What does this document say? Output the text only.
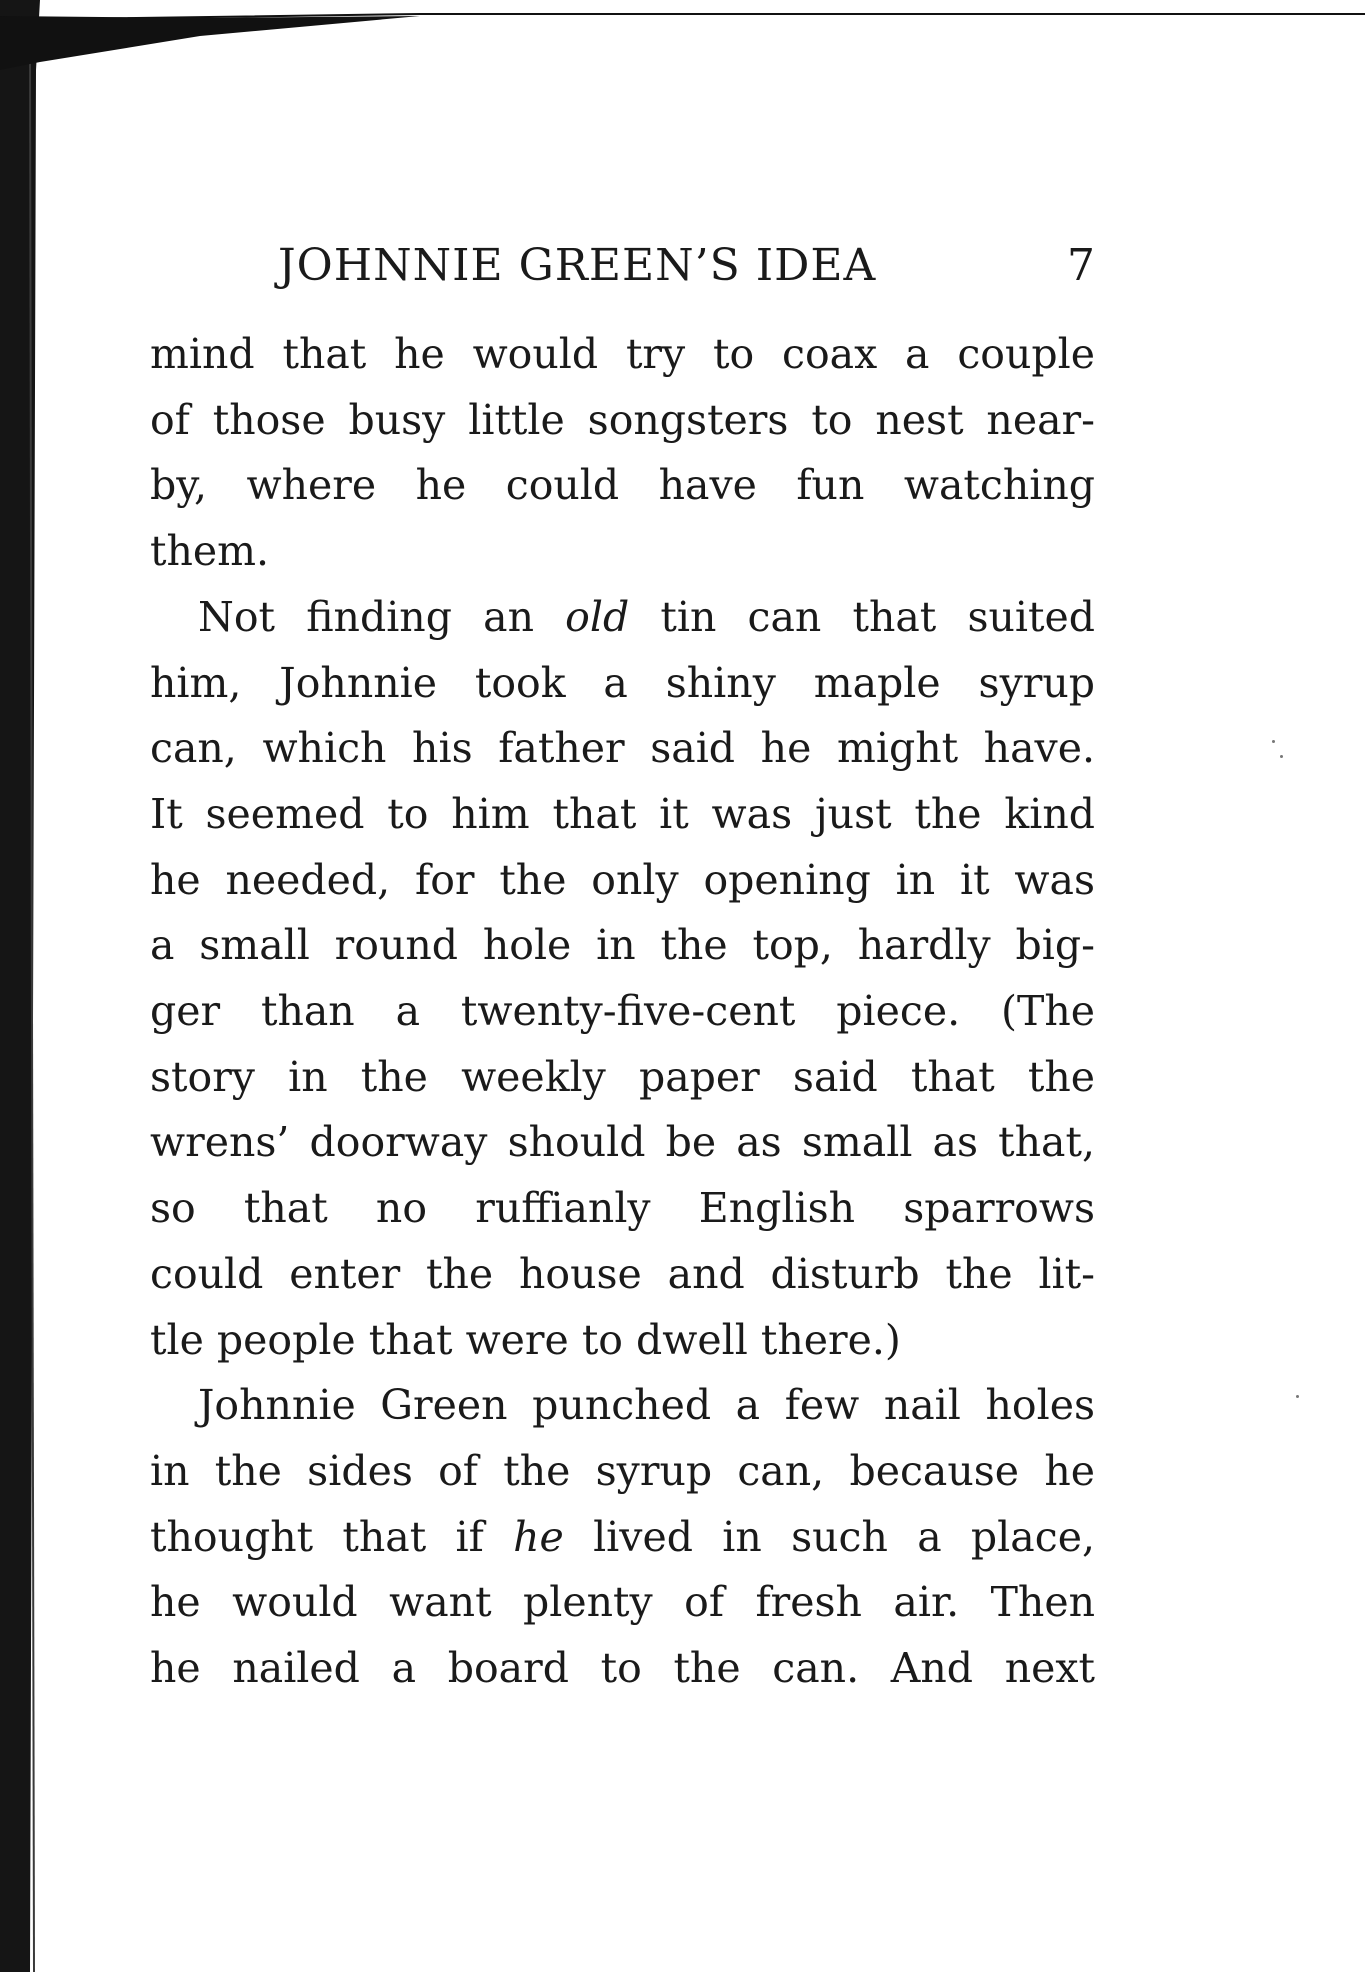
JOHNNIE GREEN’S IDEA	7

mind that he would try to coax a couple
of those busy little songsters to nest near-
by, where he could have fun watching
them.

Not finding an old tin can that suited
him, Johnnie took a shiny maple syrup
can, which his father said he might have.
It seemed to him that it was just the kind
he needed, for the only opening in it was
a small round hole in the top, hardly big-
ger than a twenty-five-cent piece. (The
story in the weekly paper said that the
wrens’ doorway should be as small as that,
so that no ruffianly English sparrows
could enter the house and disturb the lit-
tle people that were to dwell there.)

Johnnie Green punched a few nail holes
in the sides of the syrup can, because he
thought that if he lived in such a place,
he would want plenty of fresh air. Then
he nailed a board to the can. And next
